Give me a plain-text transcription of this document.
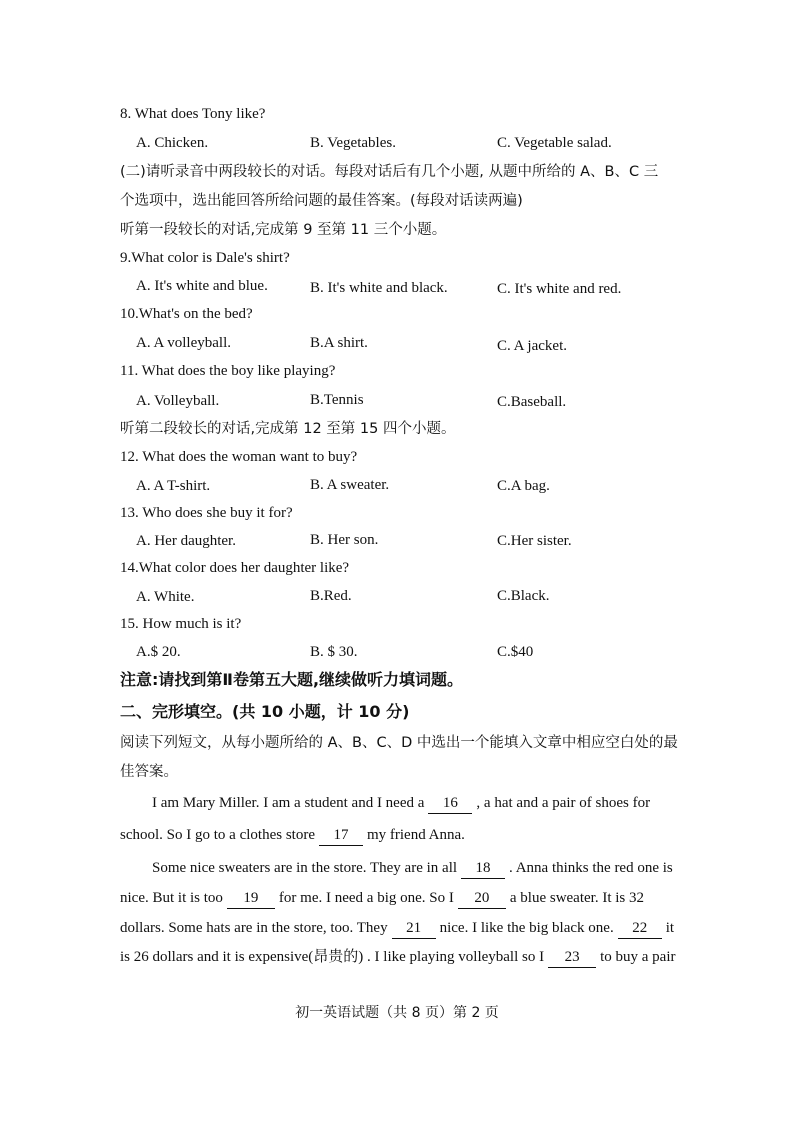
8. What does Tony like?
A. Chicken.	B. Vegetables.	C. Vegetable salad.
(二)请听录音中两段较长的对话。每段对话后有几个小题, 从题中所给的 A、B、C 三
个选项中，选出能回答所给问题的最佳答案。(每段对话读两遍)
听第一段较长的对话,完成第 9 至第 11 三个小题。
9.What color is Dale's shirt?
A. It's white and blue.	B. It's white and black.	C. It's white and red.
10.What's on the bed?
A. A volleyball.	B.A shirt.	C. A jacket.
11. What does the boy like playing?
A. Volleyball.	B.Tennis	C.Baseball.
听第二段较长的对话,完成第 12 至第 15 四个小题。
12. What does the woman want to buy?
A. A T-shirt.	B. A sweater.	C.A bag.
13. Who does she buy it for?
A. Her daughter.	B. Her son.	C.Her sister.
14.What color does her daughter like?
A. White.	B.Red.	C.Black.
15. How much is it?
A.$ 20.	B. $ 30.	C.$40
注意:请找到第Ⅱ卷第五大题,继续做听力填词题。
二、完形填空。(共 10 小题，计 10 分)
阅读下列短文，从每小题所给的 A、B、C、D 中选出一个能填入文章中相应空白处的最
佳答案。
I am Mary Miller. I am a student and I need a 16 , a hat and a pair of shoes for
school. So I go to a clothes store 17 my friend Anna.
Some nice sweaters are in the store. They are in all 18 . Anna thinks the red one is
nice. But it is too 19 for me. I need a big one. So I 20 a blue sweater. It is 32
dollars. Some hats are in the store, too. They 21 nice. I like the big black one. 22 it
is 26 dollars and it is expensive(昂贵的) . I like playing volleyball so I 23 to buy a pair
初一英语试题（共 8 页）第 2 页
